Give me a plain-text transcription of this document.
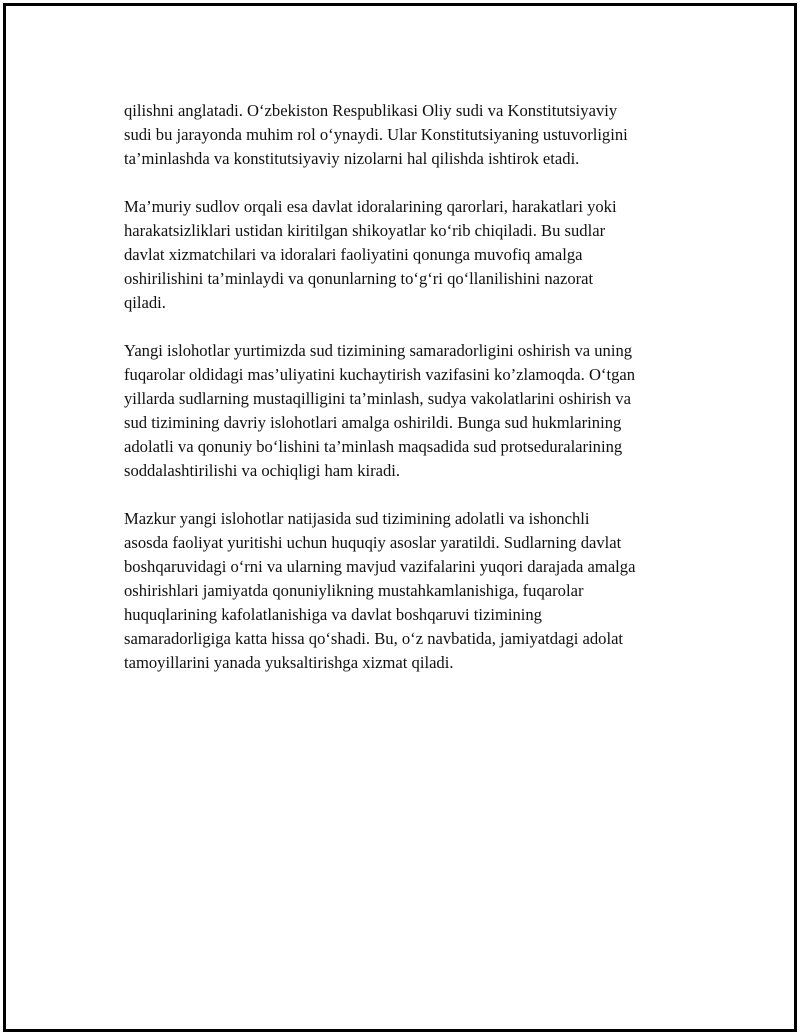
qilishni anglatadi. O‘zbekiston Respublikasi Oliy sudi va Konstitutsiyaviy
sudi bu jarayonda muhim rol o‘ynaydi. Ular Konstitutsiyaning ustuvorligini
ta’minlashda va konstitutsiyaviy nizolarni hal qilishda ishtirok etadi.

Ma’muriy sudlov orqali esa davlat idoralarining qarorlari, harakatlari yoki
harakatsizliklari ustidan kiritilgan shikoyatlar ko‘rib chiqiladi. Bu sudlar
davlat xizmatchilari va idoralari faoliyatini qonunga muvofiq amalga
oshirilishini ta’minlaydi va qonunlarning to‘g‘ri qo‘llanilishini nazorat
qiladi.

Yangi islohotlar yurtimizda sud tizimining samaradorligini oshirish va uning
fuqarolar oldidagi mas’uliyatini kuchaytirish vazifasini ko’zlamoqda. O‘tgan
yillarda sudlarning mustaqilligini ta’minlash, sudya vakolatlarini oshirish va
sud tizimining davriy islohotlari amalga oshirildi. Bunga sud hukmlarining
adolatli va qonuniy bo‘lishini ta’minlash maqsadida sud protseduralarining
soddalashtirilishi va ochiqligi ham kiradi.

Mazkur yangi islohotlar natijasida sud tizimining adolatli va ishonchli
asosda faoliyat yuritishi uchun huquqiy asoslar yaratildi. Sudlarning davlat
boshqaruvidagi o‘rni va ularning mavjud vazifalarini yuqori darajada amalga
oshirishlari jamiyatda qonuniylikning mustahkamlanishiga, fuqarolar
huquqlarining kafolatlanishiga va davlat boshqaruvi tizimining
samaradorligiga katta hissa qo‘shadi. Bu, o‘z navbatida, jamiyatdagi adolat
tamoyillarini yanada yuksaltirishga xizmat qiladi.
